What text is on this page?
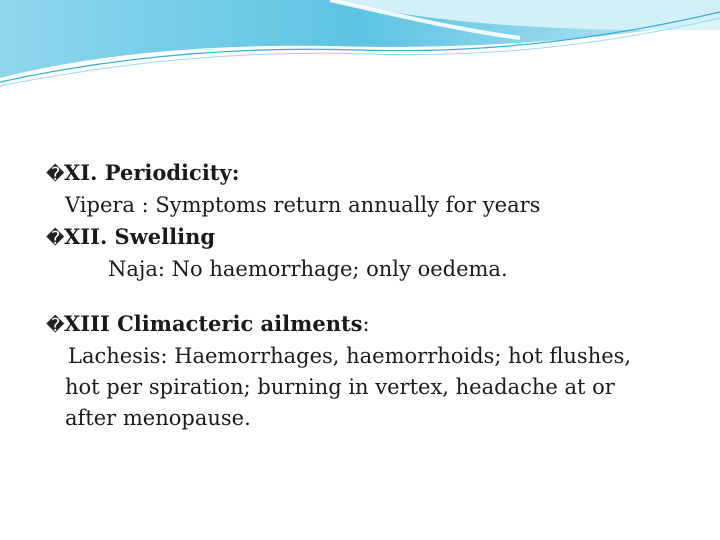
�XI. Periodicity:
Vipera : Symptoms return annually for years
�XII. Swelling
Naja: No haemorrhage; only oedema.
�XIII Climacteric ailments:
Lachesis: Haemorrhages, haemorrhoids; hot flushes,
hot per spiration; burning in vertex, headache at or
after menopause.
